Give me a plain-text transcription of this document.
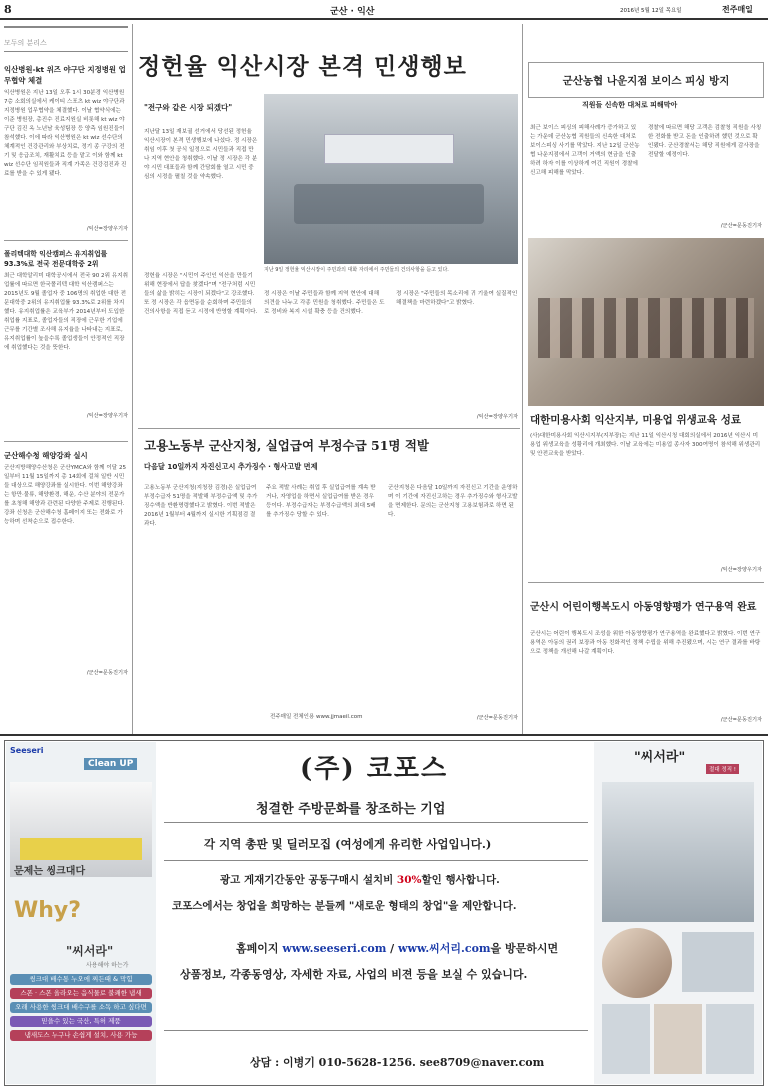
8	군산 · 익산	2016년 5월 12일 목요일	전주매일
모두의 분리스
익산병원-kt 위즈 야구단 지정병원 업무협약 체결
익산병원은 지난 13일 오후 1시 30분경 익산병원 7층 소회의실에서 케이티 스포츠 kt wiz 야구단과 지정병원 업무협약을 체결했다. 이날 협약식에는 이준 병원장, 총진수 진료지원실 비롯해 kt wiz 야구단 김진 옥 노년남 육성팀장 등 양측 임원진들이 참석했다. 이에 따라 익산병원은 kt wiz 선수단의 체계적인 건강관리와 부상치료, 정기 종 구강의 전기 및 응급조치, 재활치료 등을 맡고 이와 함께 kt wiz 선수단 임직원들과 직계 가족은 건강검진과 진료를 받을 수 있게 됐다.
/익산=장양우기자
폴리텍대학 익산캠퍼스 유지취업률 93.3%로 전국 전문대학중 2위
최근 대학알리미 대학공시에서 전국 90 2위 유지취업률에 따르면 한국폴리텍 대학 익산캠퍼스는 2015년도 9월 졸업자 중 106명의 취업한 대한 전문대학중 2위의 유지취업률 93.3%로 2위를 차지했다. 유지취업률은 교육부가 2014년부터 도입한 취업률 지표로, 졸업자들의 직장에 근무한 기업에 근무를 기간별 조사해 유지율을 나타내는 지표로, 유지취업률이 높을수록 졸업생들이 안정적인 직장에 취업했다는 것을 뜻한다.
/익산=장양우기자
군산해수청 해양강좌 실시
군산지방해양수산청은 군산YMCA와 함께 이달 25일부터 11월 15일까지 총 14회에 걸쳐 일반 시민들 대상으로 해양강좌를 실시한다. 이번 해양강좌는 항만·물류, 해양환경, 해운, 수산 분야의 전문가를 초청해 해양과 관련된 다양한 주제로 진행된다. 강좌 신청은 군산해수청 홈페이지 또는 전화로 가능하며 선착순으로 접수한다.
/군산=문동진기자
정헌율 익산시장 본격 민생행보
"전구와 같은 시장 되겠다"
지난달 13일 재보궐 선거에서 당선된 정헌율 익산시장이 본격 민생행보에 나섰다. 정 시장은 취임 이후 첫 공식 일정으로 시민들과 직접 만나 지역 현안을 청취했다. 이날 정 시장은 각 분야 시민 대표들과 함께 간담회를 열고 시민 중심의 시정을 펼칠 것을 약속했다.
정헌율 시장은 "시민이 주인인 익산을 만들기 위해 현장에서 답을 찾겠다"며 "전구처럼 시민들의 삶을 밝히는 시장이 되겠다"고 강조했다. 또 정 시장은 각 읍면동을 순회하며 주민들의 건의사항을 직접 듣고 시정에 반영할 계획이다.
지난 9일 정헌율 익산시장이 주민과의 대화 자리에서 주민들의 건의사항을 듣고 있다.
정 시장은 이날 주민들과 함께 지역 현안에 대해 의견을 나누고 각종 민원을 청취했다. 주민들은 도로 정비와 복지 시설 확충 등을 건의했다.
정 시장은 "주민들의 목소리에 귀 기울여 실질적인 해결책을 마련하겠다"고 밝혔다.
/익산=장양우기자
고용노동부 군산지청, 실업급여 부정수급 51명 적발
다음달 10일까지 자진신고시 추가징수 · 형사고발 면제
고용노동부 군산지청(지청장 김경)은 실업급여 부정수급자 51명을 적발해 부정수급액 및 추가징수액을 반환명령했다고 밝혔다. 이번 적발은 2016년 1월부터 4월까지 실시한 기획점검 결과다.
주요 적발 사례는 취업 후 실업급여를 계속 받거나, 자영업을 하면서 실업급여를 받은 경우 등이다. 부정수급자는 부정수급액의 최대 5배를 추가징수 당할 수 있다.
군산지청은 다음달 10일까지 자진신고 기간을 운영하며 이 기간에 자진신고하는 경우 추가징수와 형사고발을 면제한다. 문의는 군산지청 고용보험과로 하면 된다.
/군산=문동진기자
전주매일 전체인용 www.jjmaeil.com
군산농협 나운지점 보이스 피싱 방지
직원들 신속한 대처로 피해막아
최근 보이스 피싱의 피해사례가 증가하고 있는 가운데 군산농협 직원들의 신속한 대처로 보이스피싱 사기를 막았다. 지난 12일 군산농협 나운지점에서 고객이 거액의 현금을 인출하려 하자 이를 이상하게 여긴 직원이 경찰에 신고해 피해를 막았다.
경찰에 따르면 해당 고객은 검찰청 직원을 사칭한 전화를 받고 돈을 인출하려 했던 것으로 확인됐다. 군산경찰서는 해당 직원에게 감사장을 전달할 예정이다.
/군산=문동진기자
대한미용사회 익산지부, 미용업 위생교육 성료
(사)대한미용사회 익산시지부(지부장)는 지난 11일 익산시청 대회의실에서 2016년 익산시 미용업 위생교육을 성황리에 개최했다. 이날 교육에는 미용업 종사자 300여명이 참석해 위생관리 및 안전교육을 받았다.
/익산=장양우기자
군산시 어린이행복도시 아동영향평가 연구용역 완료
군산시는 어린이 행복도시 조성을 위한 아동영향평가 연구용역을 완료했다고 밝혔다. 이번 연구용역은 아동의 권리 보장과 아동 친화적인 정책 수립을 위해 추진됐으며, 시는 연구 결과를 바탕으로 정책을 개선해 나갈 계획이다.
/군산=문동진기자
Seeseri
Clean UP
문제는 씽크대다
Why?
"씨서라"
사용해야 하는가
씽크대 배수통 누오에 찌든때 & 막힘
스폰 · 스폰 올라오는 음식물로 불쾌한 냄새
오래 사용한 씽크대 배수구를 소독 하고 싶다면
믿을수 있는 국산, 특허 제품
냄새도스 누구나 손쉽게 설치, 사용 가능
(주) 코포스
청결한 주방문화를 창조하는 기업
각 지역 총판 및 딜러모집 (여성에게 유리한 사업입니다.)
광고 게재기간동안 공동구매시 설치비 30%할인 행사합니다.
코포스에서는 창업을 희망하는 분들께 "새로운 형태의 창업"을 제안합니다.
홈페이지 www.seeseri.com / www.씨서리.com을 방문하시면
상품정보, 각종동영상, 자세한 자료, 사업의 비젼 등을 보실 수 있습니다.
상담 : 이병기 010-5628-1256. see8709@naver.com
"씨서라"
절대 정직 !
